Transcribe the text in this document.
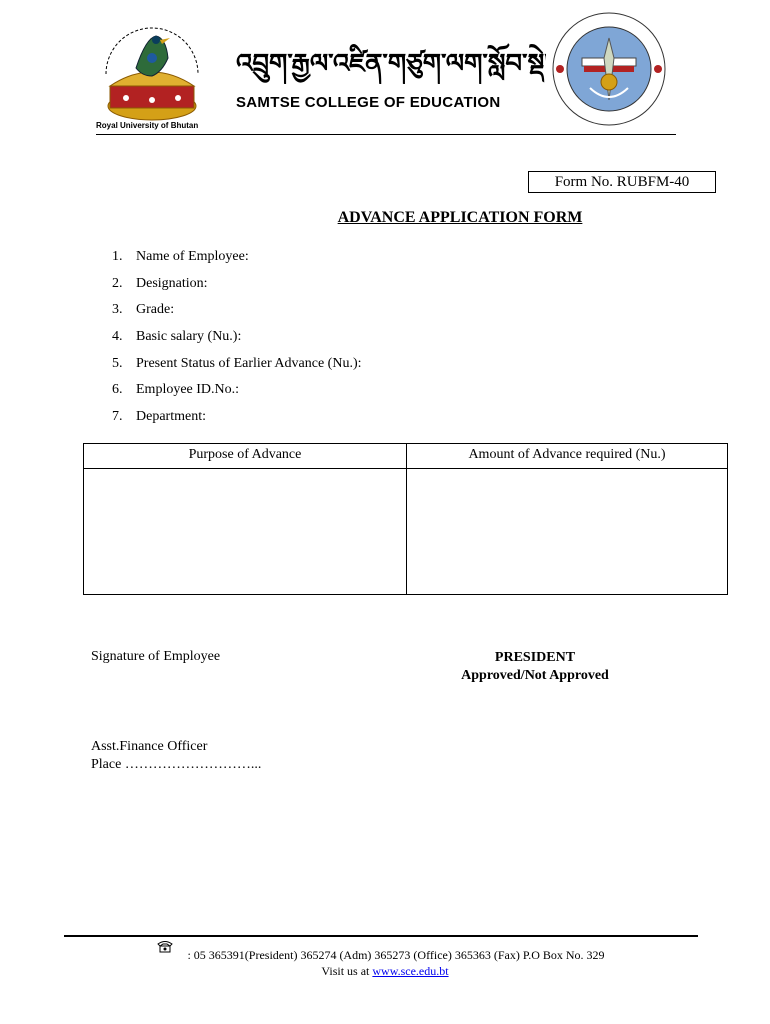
Royal University of Bhutan
འབྲུག་རྒྱལ་འཛིན་གཙུག་ལག་སློབ་སྡེ།
SAMTSE COLLEGE OF EDUCATION
Form No. RUBFM-40
ADVANCE APPLICATION FORM
1. Name of Employee:
2. Designation:
3. Grade:
4. Basic salary (Nu.):
5. Present Status of Earlier Advance (Nu.):
6. Employee ID.No.:
7. Department:
Purpose of Advance	Amount of Advance required (Nu.)
Signature of Employee	PRESIDENT
Approved/Not Approved
Asst.Finance Officer
Place ………………………...
: 05 365391(President) 365274 (Adm) 365273 (Office) 365363 (Fax) P.O Box No. 329
Visit us at www.sce.edu.bt
